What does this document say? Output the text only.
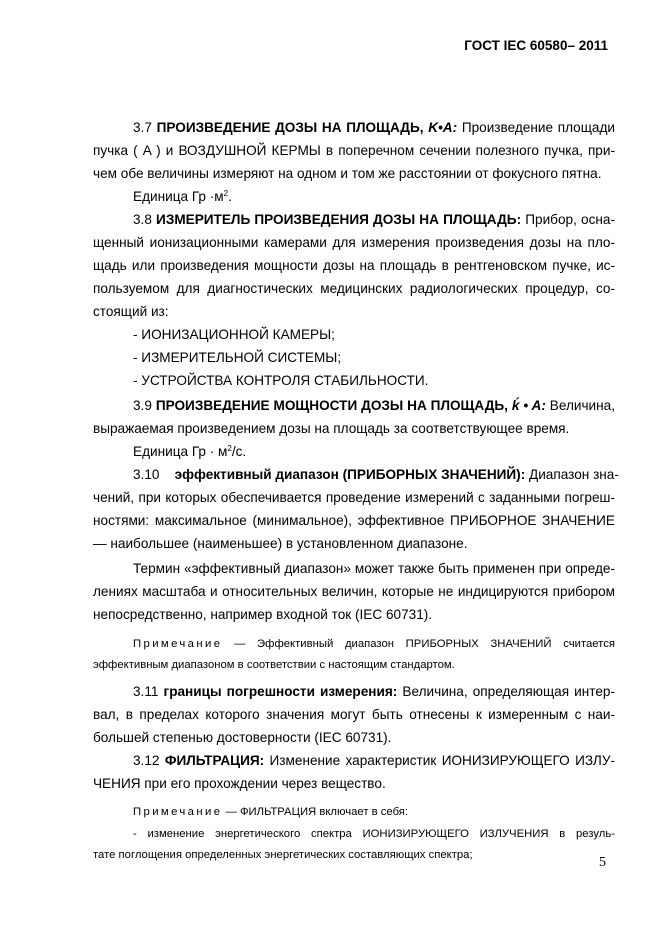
ГОСТ IEC 60580– 2011
3.7 ПРОИЗВЕДЕНИЕ ДОЗЫ НА ПЛОЩАДЬ, K•A: Произведение площади
пучка ( A ) и ВОЗДУШНОЙ КЕРМЫ в поперечном сечении полезного пучка, при-
чем обе величины измеряют на одном и том же расстоянии от фокусного пятна.
Единица Гр $\cdot м^2$.
3.8 ИЗМЕРИТЕЛЬ ПРОИЗВЕДЕНИЯ ДОЗЫ НА ПЛОЩАДЬ: Прибор, осна-
щенный ионизационными камерами для измерения произведения дозы на пло-
щадь или произведения мощности дозы на площадь в рентгеновском пучке, ис-
пользуемом для диагностических медицинских радиологических процедур, со-
стоящий из:
- ИОНИЗАЦИОННОЙ КАМЕРЫ;
- ИЗМЕРИТЕЛЬНОЙ СИСТЕМЫ;
- УСТРОЙСТВА КОНТРОЛЯ СТАБИЛЬНОСТИ.
3.9 ПРОИЗВЕДЕНИЕ МОЩНОСТИ ДОЗЫ НА ПЛОЩАДЬ, ḱ • A: Величина,
выражаемая произведением дозы на площадь за соответствующее время.
Единица Гр · $м^2/с$.
3.10    эффективный диапазон (ПРИБОРНЫХ ЗНАЧЕНИЙ): Диапазон зна-
чений, при которых обеспечивается проведение измерений с заданными погреш-
ностями: максимальное (минимальное), эффективное ПРИБОРНОЕ ЗНАЧЕНИЕ
— наибольшее (наименьшее) в установленном диапазоне.
Термин «эффективный диапазон» может также быть применен при опреде-
лениях масштаба и относительных величин, которые не индицируются прибором
непосредственно, например входной ток (IEC 60731).
Примечание — Эффективный диапазон ПРИБОРНЫХ ЗНАЧЕНИЙ считается
эффективным диапазоном в соответствии с настоящим стандартом.
3.11 границы погрешности измерения: Величина, определяющая интер-
вал, в пределах которого значения могут быть отнесены к измеренным с наи-
большей степенью достоверности (IEC 60731).
3.12 ФИЛЬТРАЦИЯ: Изменение характеристик ИОНИЗИРУЮЩЕГО ИЗЛУ-
ЧЕНИЯ при его прохождении через вещество.
Примечание — ФИЛЬТРАЦИЯ включает в себя:
- изменение энергетического спектра ИОНИЗИРУЮЩЕГО ИЗЛУЧЕНИЯ в резуль-
тате поглощения определенных энергетических составляющих спектра;	5
